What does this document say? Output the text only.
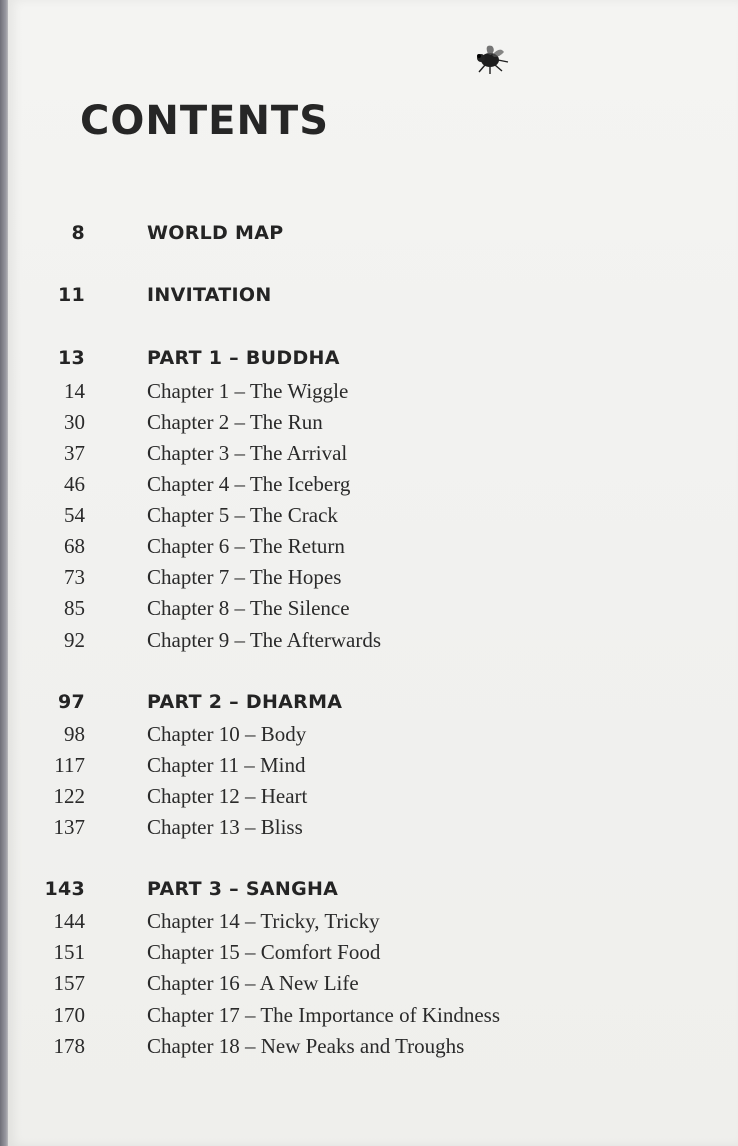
CONTENTS
8	WORLD MAP
11	INVITATION
13	PART 1 – BUDDHA
14	Chapter 1 – The Wiggle
30	Chapter 2 – The Run
37	Chapter 3 – The Arrival
46	Chapter 4 – The Iceberg
54	Chapter 5 – The Crack
68	Chapter 6 – The Return
73	Chapter 7 – The Hopes
85	Chapter 8 – The Silence
92	Chapter 9 – The Afterwards
97	PART 2 – DHARMA
98	Chapter 10 – Body
117	Chapter 11 – Mind
122	Chapter 12 – Heart
137	Chapter 13 – Bliss
143	PART 3 – SANGHA
144	Chapter 14 – Tricky, Tricky
151	Chapter 15 – Comfort Food
157	Chapter 16 – A New Life
170	Chapter 17 – The Importance of Kindness
178	Chapter 18 – New Peaks and Troughs
